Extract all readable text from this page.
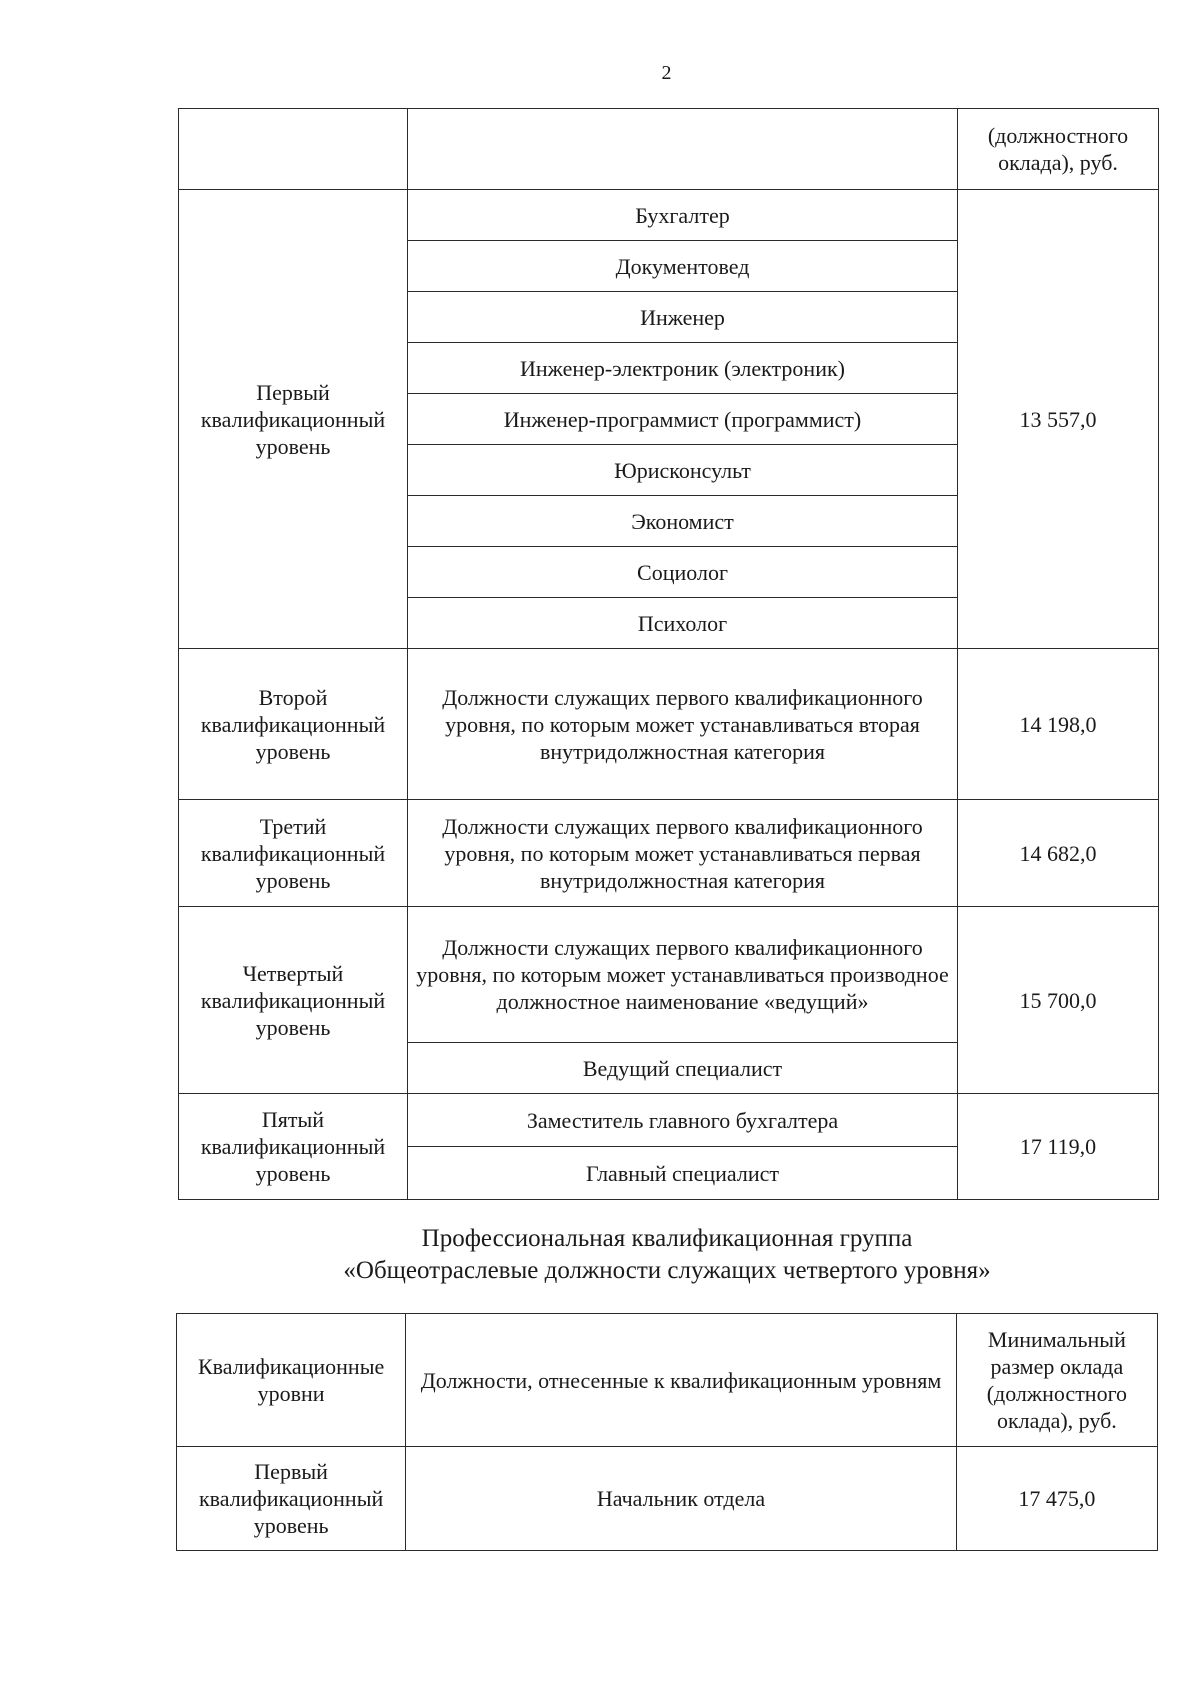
2
		(должностного оклада), руб.
Первый квалификационный уровень	Бухгалтер	13 557,0
	Документовед	
	Инженер	
	Инженер-электроник (электроник)	
	Инженер-программист (программист)	
	Юрисконсульт	
	Экономист	
	Социолог	
	Психолог	
Второй квалификационный уровень	Должности служащих первого квалификационного уровня, по которым может устанавливаться вторая внутридолжностная категория	14 198,0
Третий квалификационный уровень	Должности служащих первого квалификационного уровня, по которым может устанавливаться первая внутридолжностная категория	14 682,0
Четвертый квалификационный уровень	Должности служащих первого квалификационного уровня, по которым может устанавливаться производное должностное наименование «ведущий»	15 700,0
	Ведущий специалист	
Пятый квалификационный уровень	Заместитель главного бухгалтера	17 119,0
	Главный специалист	
Профессиональная квалификационная группа
«Общеотраслевые должности служащих четвертого уровня»
Квалификационные уровни	Должности, отнесенные к квалификационным уровням	Минимальный размер оклада (должностного оклада), руб.
Первый квалификационный уровень	Начальник отдела	17 475,0
